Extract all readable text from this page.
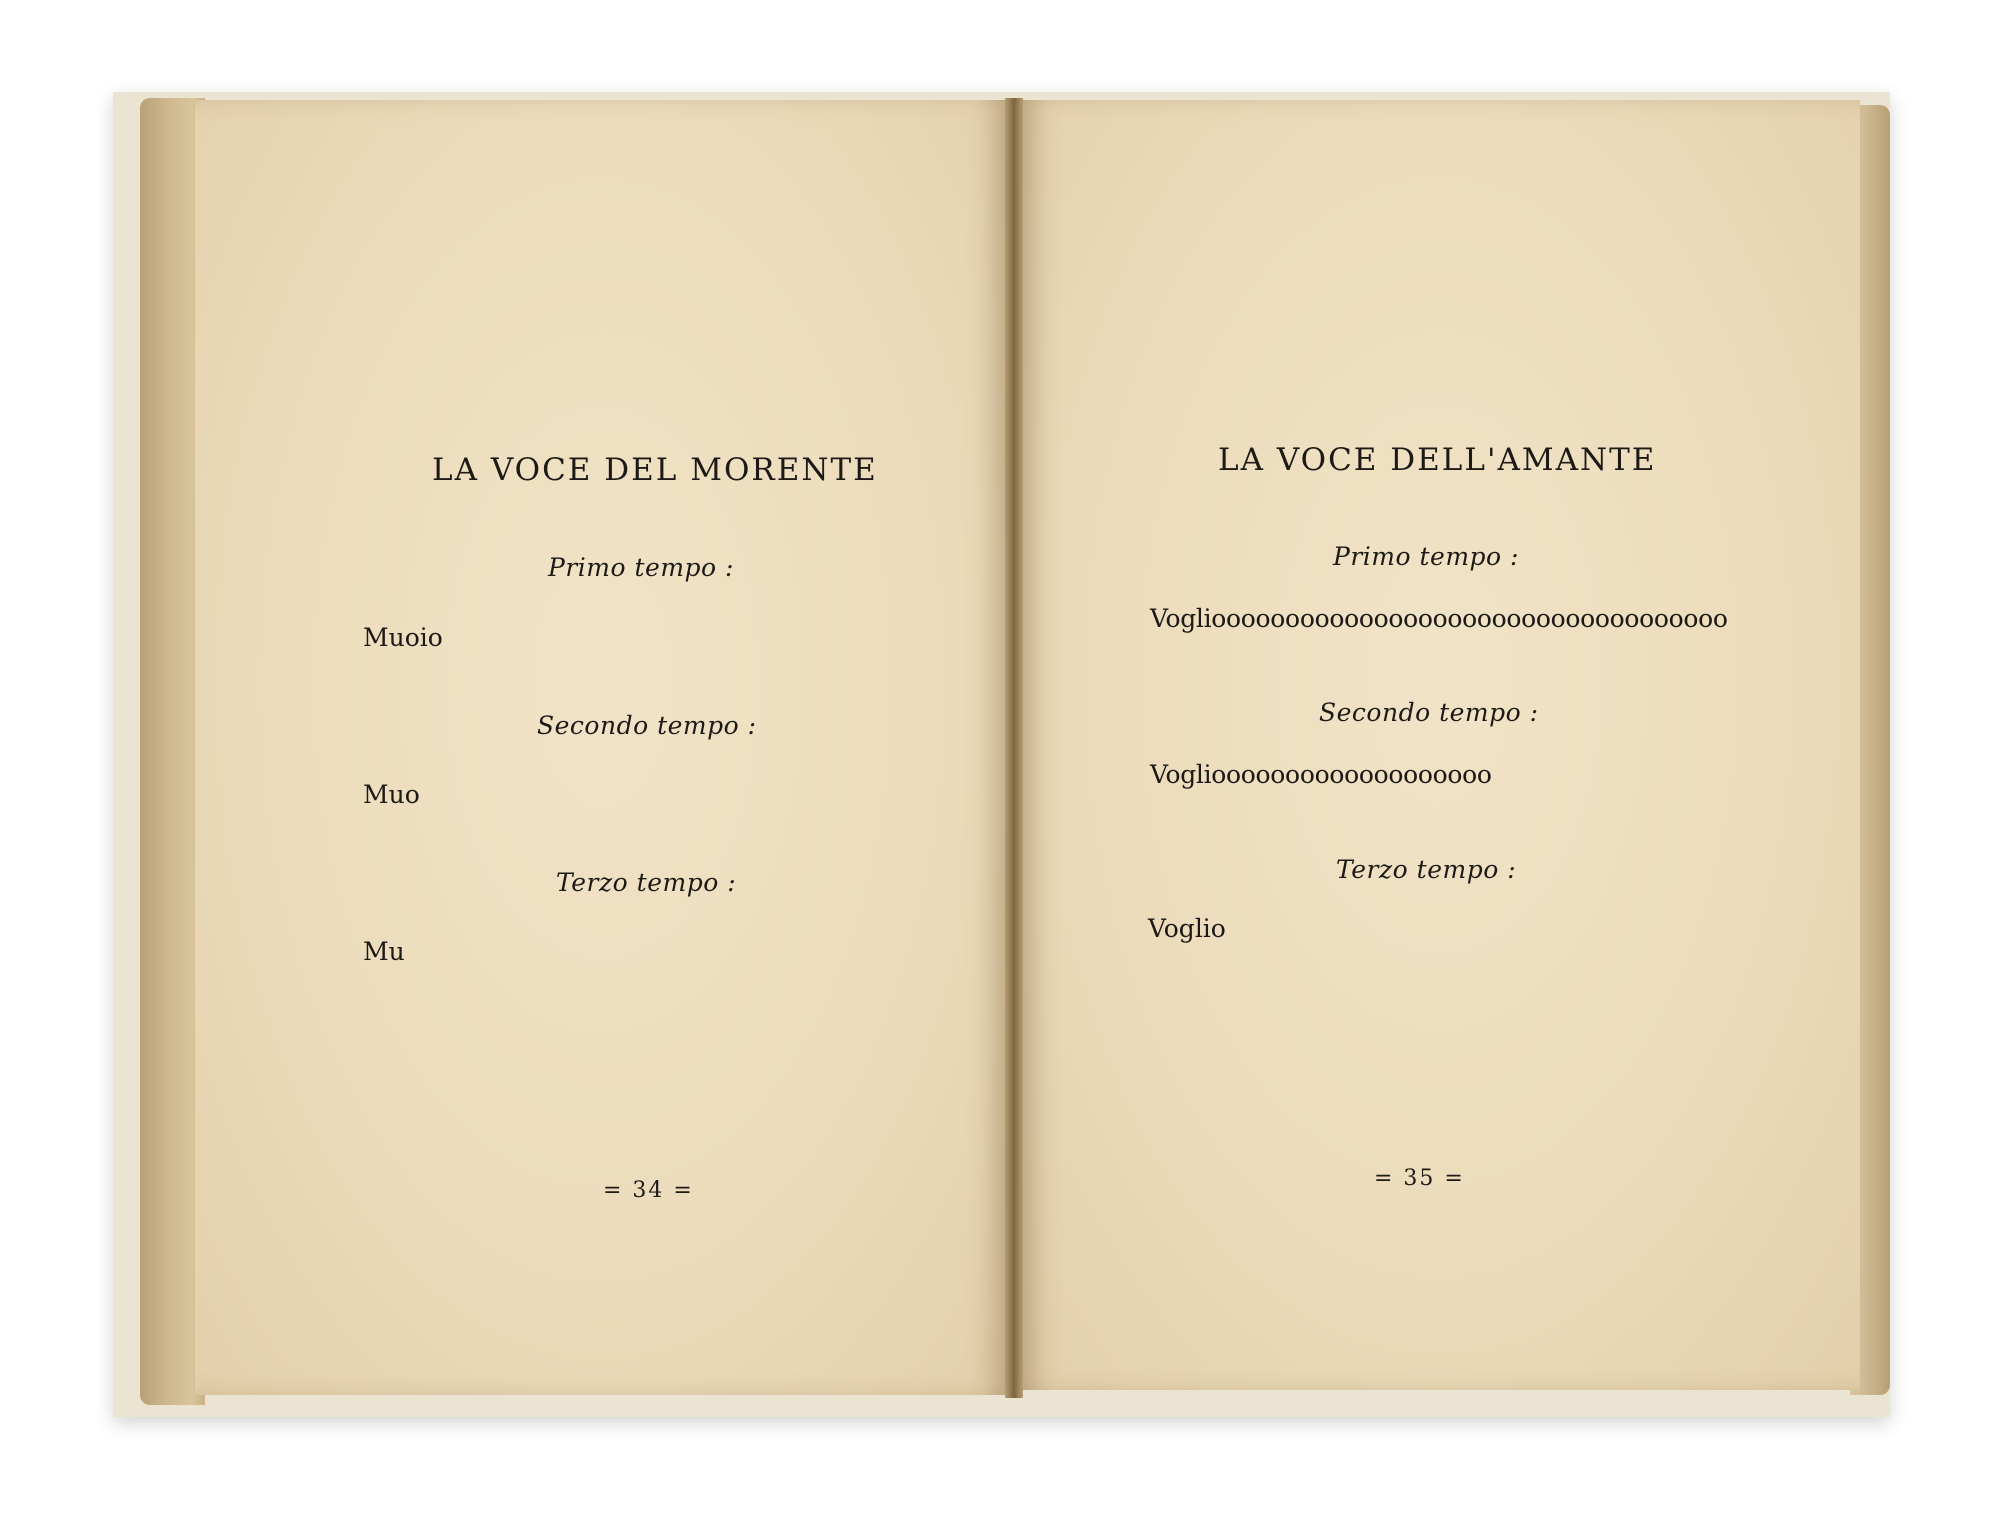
LA VOCE DEL MORENTE
Primo tempo :
Muoio
Secondo tempo :
Muo
Terzo tempo :
Mu
= 34 =
LA VOCE DELL'AMANTE
Primo tempo :
Vogliooooooooooooooooooooooooooooooooooo
Secondo tempo :
Vogliooooooooooooooooooo
Terzo tempo :
Voglio
= 35 =
